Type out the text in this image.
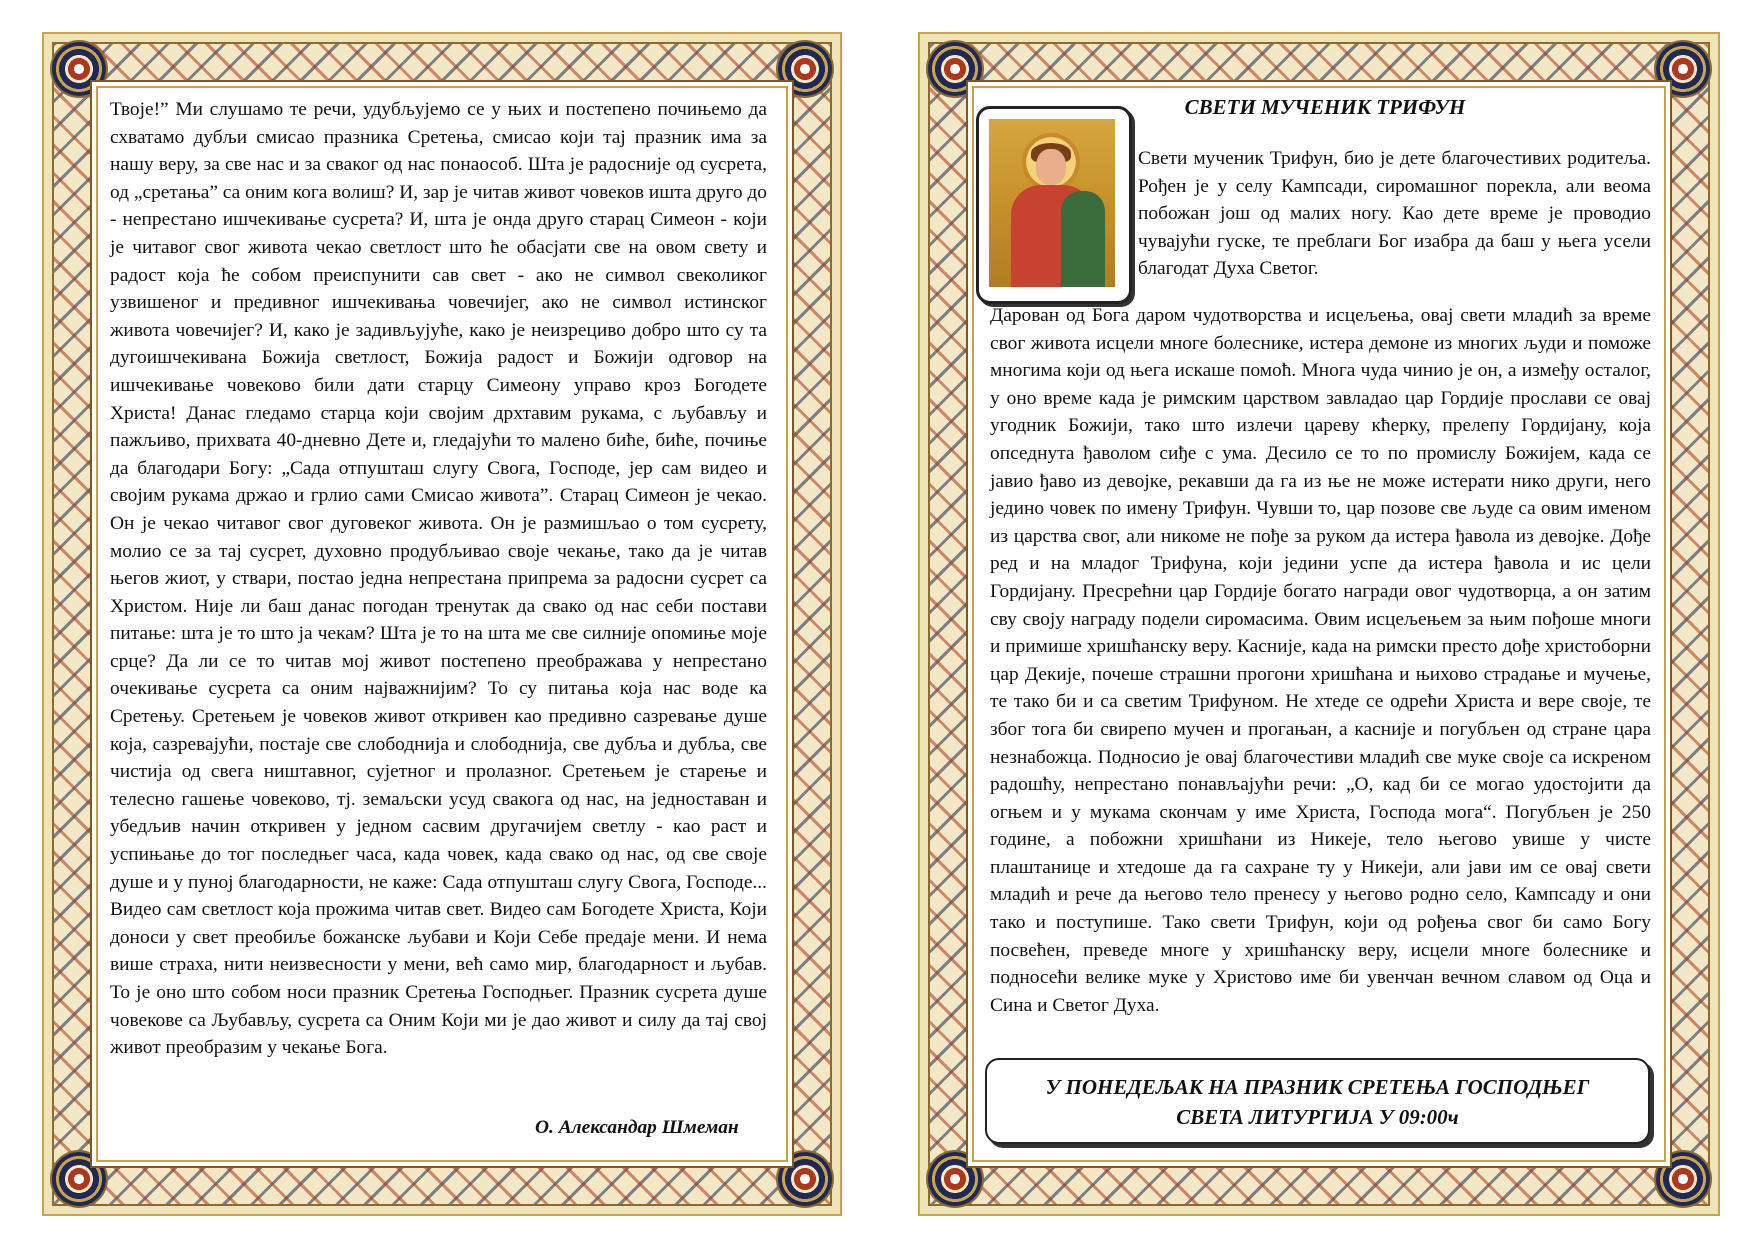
Твоје!” Ми слушамо те речи, удубљујемо се у њих и постепено почињемо да схватамо дубљи смисао празника Сретења, смисао који тај празник има за нашу веру, за све нас и за сваког од нас понаособ. Шта је радосније од сусрета, од „сретања” са оним кога волиш? И, зар је читав живот човеков ишта друго до - непрестано ишчекивање сусрета? И, шта је онда друго старац Симеон - који је читавог свог живота чекао светлост што ће обасјати све на овом свету и радост која ће собом преиспунити сав свет - ако не символ свеколиког узвишеног и предивног ишчекивања човечијег, ако не символ истинског живота човечијег? И, како је задивљујуће, како је неизрециво добро што су та дугоишчекивана Божија светлост, Божија радост и Божији одговор на ишчекивање човеково били дати старцу Симеону управо кроз Богодете Христа! Данас гледамо старца који својим дрхтавим рукама, с љубављу и пажљиво, прихвата 40-дневно Дете и, гледајући то малено биће, биће, почиње да благодари Богу: „Сада отпушташ слугу Свога, Господе, јер сам видео и својим рукама држао и грлио сами Смисао живота”. Старац Симеон је чекао. Он је чекао читавог свог дуговеког живота. Он је размишљао о том сусрету, молио се за тај сусрет, духовно продубљивао своје чекање, тако да је читав његов жиот, у ствари, постао једна непрестана припрема за радосни сусрет са Христом. Није ли баш данас погодан тренутак да свако од нас себи постави питање: шта је то што ја чекам? Шта је то на шта ме све силније опомиње моје срце? Да ли се то читав мој живот постепено преображава у непрестано очекивање сусрета са оним најважнијим? То су питања која нас воде ка Сретењу. Сретењем је човеков живот откривен као предивно сазревање душе која, сазревајући, постаје све слободнија и слободнија, све дубља и дубља, све чистија од свега ништавног, сујетног и пролазног. Сретењем је старење и телесно гашење човеково, тј. земаљски усуд свакога од нас, на једноставан и убедљив начин откривен у једном сасвим другачијем светлу - као раст и успињање до тог последњег часа, када човек, када свако од нас, од све своје душе и у пуној благодарности, не каже: Сада отпушташ слугу Свога, Господе... Видео сам светлост која прожима читав свет. Видео сам Богодете Христа, Који доноси у свет преобиље божанске љубави и Који Себе предаје мени. И нема више страха, нити неизвесности у мени, већ само мир, благодарност и љубав. То је оно што собом носи празник Сретења Господњег. Празник сусрета душе човекове са Љубављу, сусрета са Оним Који ми је дао живот и силу да тај свој живот преобразим у чекање Бога.

О. Александар Шмеман
СВЕТИ МУЧЕНИК ТРИФУН

Свети мученик Трифун, био је дете благочестивих родитеља. Рођен је у селу Кампсади, сиромашног порекла, али веома побожан још од малих ногу. Као дете време је проводио чувајући гуске, те преблаги Бог изабра да баш у њега усели благодат Духа Светог.

Дарован од Бога даром чудотворства и исцељења, овај свети младић за време свог живота исцели многе болеснике, истера демоне из многих људи и поможе многима који од њега искаше помоћ. Многа чуда чинио је он, а између осталог, у оно време када је римским царством завладао цар Гордије прослави се овај угодник Божији, тако што излечи цареву кћерку, прелепу Гордијану, која опседнута ђаволом сиђе с ума. Десило се то по промислу Божијем, када се јавио ђаво из девојке, рекавши да га из ње не може истерати нико други, него једино човек по имену Трифун. Чувши то, цар позове све људе са овим именом из царства свог, али никоме не пође за руком да истера ђавола из девојке. Дође ред и на младог Трифуна, који једини успе да истера ђавола и ис цели Гордијану. Пресрећни цар Гордије богато награди овог чудотворца, а он затим сву своју награду подели сиромасима. Овим исцељењем за њим пођоше многи и примише хришћанску веру. Касније, када на римски престо дође христоборни цар Декије, почеше страшни прогони хришћана и њихово страдање и мучење, те тако би и са светим Трифуном. Не хтеде се одрећи Христа и вере своје, те због тога би свирепо мучен и прогањан, а касније и погубљен од стране цара незнабожца. Подносио је овај благочестиви младић све муке своје са искреном радошћу, непрестано понављајући речи: „О, кад би се могао удостојити да огњем и у мукама скончам у име Христа, Господа мога“. Погубљен је 250 године, а побожни хришћани из Никеје, тело његово увише у чисте плаштанице и хтедоше да га сахране ту у Никеји, али јави им се овај свети младић и рече да његово тело пренесу у његово родно село, Кампсаду и они тако и поступише. Тако свети Трифун, који од рођења свог би само Богу посвећен, преведе многе у хришћанску веру, исцели многе болеснике и подносећи велике муке у Христово име би увенчан вечном славом од Оца и Сина и Светог Духа.

У ПОНЕДЕЉАК НА ПРАЗНИК СРЕТЕЊА ГОСПОДЊЕГ
СВЕТА ЛИТУРГИЈА У 09:00ч
